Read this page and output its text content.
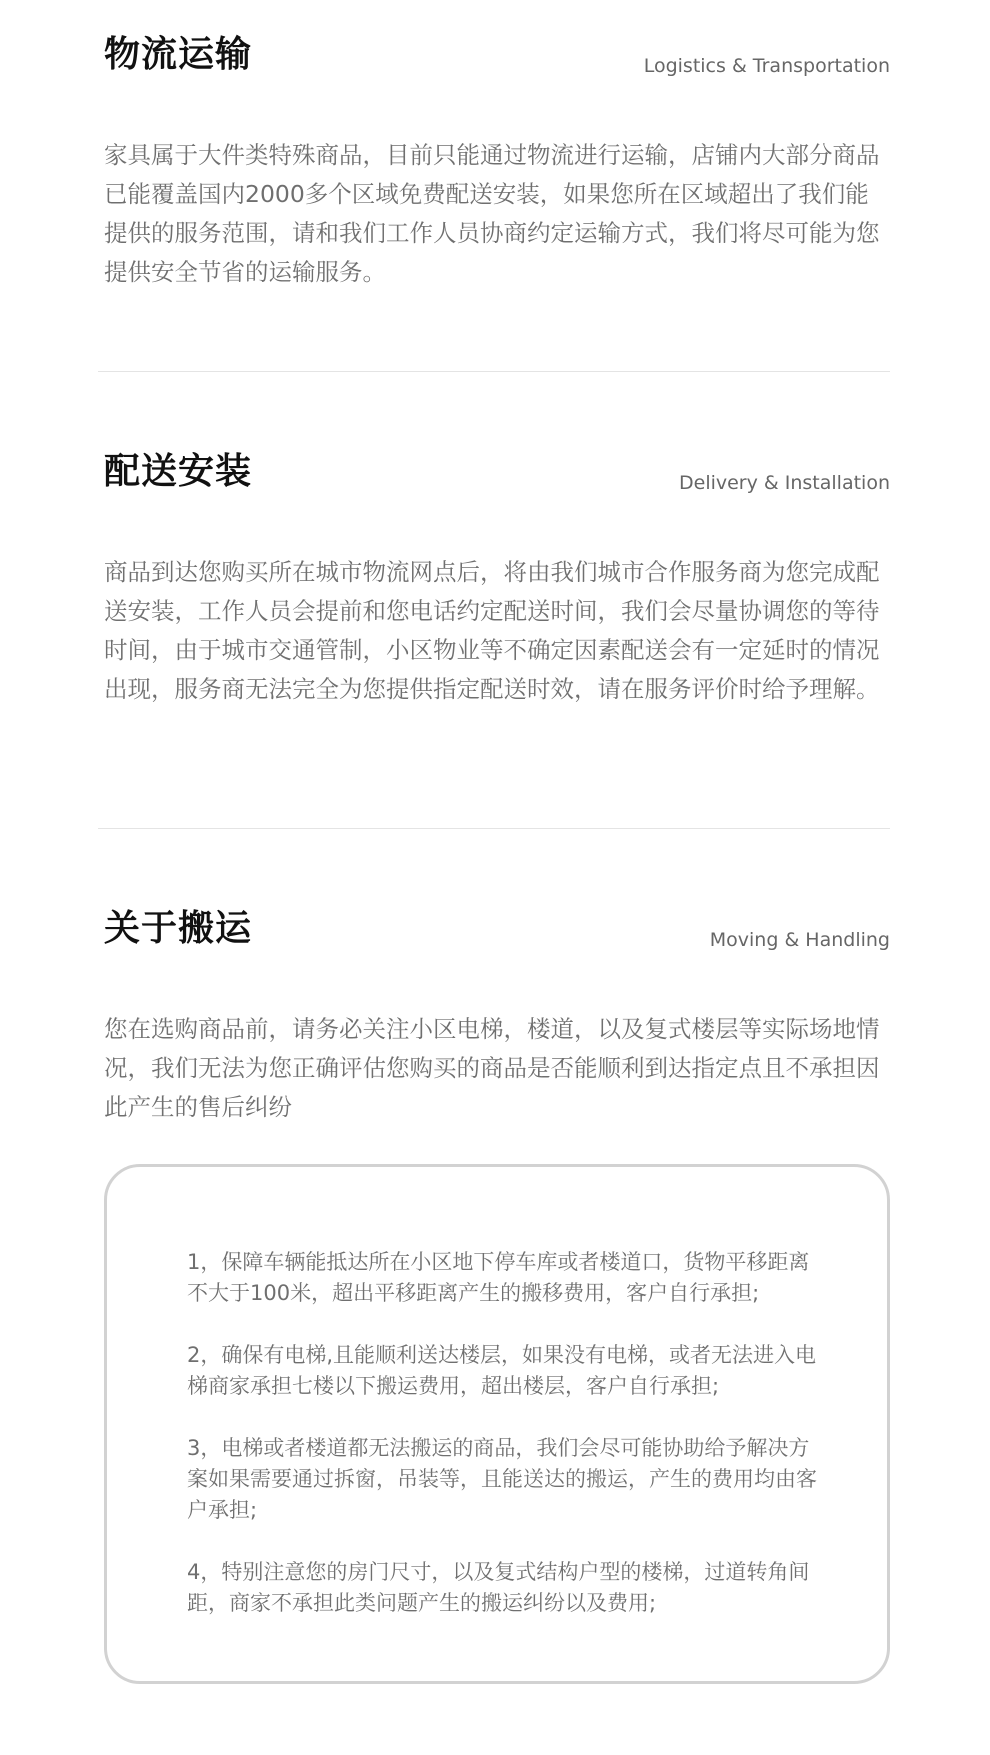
物流运输	Logistics & Transportation

家具属于大件类特殊商品，目前只能通过物流进行运输，店铺内大部分商品已能覆盖国内2000多个区域免费配送安装，如果您所在区域超出了我们能提供的服务范围，请和我们工作人员协商约定运输方式，我们将尽可能为您提供安全节省的运输服务。

配送安装	Delivery & Installation

商品到达您购买所在城市物流网点后，将由我们城市合作服务商为您完成配送安装，工作人员会提前和您电话约定配送时间，我们会尽量协调您的等待时间，由于城市交通管制，小区物业等不确定因素配送会有一定延时的情况出现，服务商无法完全为您提供指定配送时效，请在服务评价时给予理解。

关于搬运	Moving & Handling

您在选购商品前，请务必关注小区电梯，楼道，以及复式楼层等实际场地情况，我们无法为您正确评估您购买的商品是否能顺利到达指定点且不承担因此产生的售后纠纷

1，保障车辆能抵达所在小区地下停车库或者楼道口，货物平移距离不大于100米，超出平移距离产生的搬移费用，客户自行承担;
2，确保有电梯,且能顺利送达楼层，如果没有电梯，或者无法进入电梯商家承担七楼以下搬运费用，超出楼层，客户自行承担;
3，电梯或者楼道都无法搬运的商品，我们会尽可能协助给予解决方案如果需要通过拆窗，吊装等，且能送达的搬运，产生的费用均由客户承担;
4，特别注意您的房门尺寸，以及复式结构户型的楼梯，过道转角间距，商家不承担此类问题产生的搬运纠纷以及费用;
